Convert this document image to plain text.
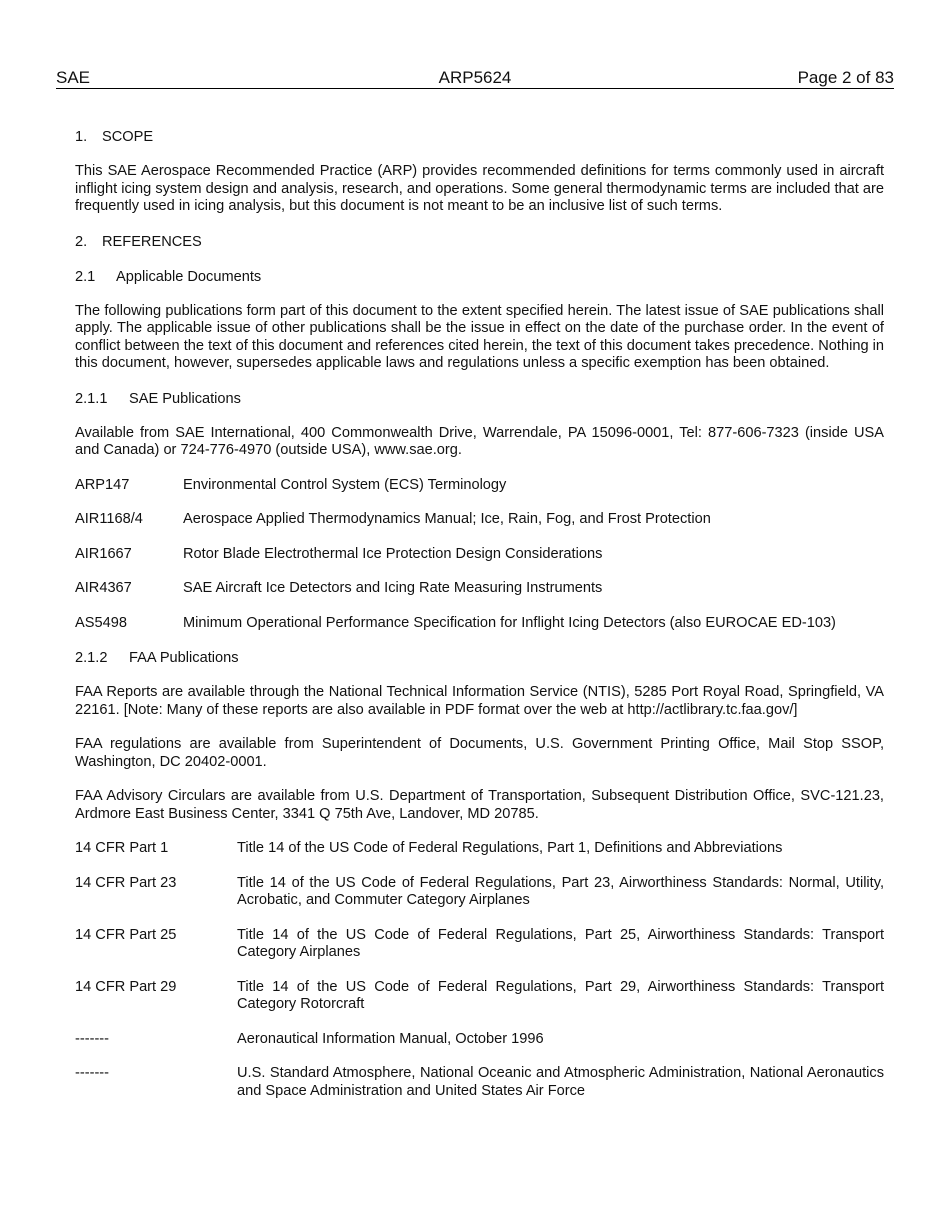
SAE	ARP5624	Page 2 of 83
1. SCOPE

This SAE Aerospace Recommended Practice (ARP) provides recommended definitions for terms commonly used in aircraft inflight icing system design and analysis, research, and operations. Some general thermodynamic terms are included that are frequently used in icing analysis, but this document is not meant to be an inclusive list of such terms.

2. REFERENCES
2.1 Applicable Documents

The following publications form part of this document to the extent specified herein. The latest issue of SAE publications shall apply. The applicable issue of other publications shall be the issue in effect on the date of the purchase order. In the event of conflict between the text of this document and references cited herein, the text of this document takes precedence. Nothing in this document, however, supersedes applicable laws and regulations unless a specific exemption has been obtained.

2.1.1 SAE Publications

Available from SAE International, 400 Commonwealth Drive, Warrendale, PA 15096-0001, Tel: 877-606-7323 (inside USA and Canada) or 724-776-4970 (outside USA), www.sae.org.

ARP147	Environmental Control System (ECS) Terminology
AIR1168/4	Aerospace Applied Thermodynamics Manual; Ice, Rain, Fog, and Frost Protection
AIR1667	Rotor Blade Electrothermal Ice Protection Design Considerations
AIR4367	SAE Aircraft Ice Detectors and Icing Rate Measuring Instruments
AS5498	Minimum Operational Performance Specification for Inflight Icing Detectors (also EUROCAE ED-103)
2.1.2 FAA Publications

FAA Reports are available through the National Technical Information Service (NTIS), 5285 Port Royal Road, Springfield, VA 22161. [Note: Many of these reports are also available in PDF format over the web at http://actlibrary.tc.faa.gov/]

FAA regulations are available from Superintendent of Documents, U.S. Government Printing Office, Mail Stop SSOP, Washington, DC 20402-0001.

FAA Advisory Circulars are available from U.S. Department of Transportation, Subsequent Distribution Office, SVC-121.23, Ardmore East Business Center, 3341 Q 75th Ave, Landover, MD 20785.

14 CFR Part 1	Title 14 of the US Code of Federal Regulations, Part 1, Definitions and Abbreviations
14 CFR Part 23	Title 14 of the US Code of Federal Regulations, Part 23, Airworthiness Standards: Normal, Utility, Acrobatic, and Commuter Category Airplanes
14 CFR Part 25	Title 14 of the US Code of Federal Regulations, Part 25, Airworthiness Standards: Transport Category Airplanes
14 CFR Part 29	Title 14 of the US Code of Federal Regulations, Part 29, Airworthiness Standards: Transport Category Rotorcraft
-------	Aeronautical Information Manual, October 1996
-------	U.S. Standard Atmosphere, National Oceanic and Atmospheric Administration, National Aeronautics and Space Administration and United States Air Force
